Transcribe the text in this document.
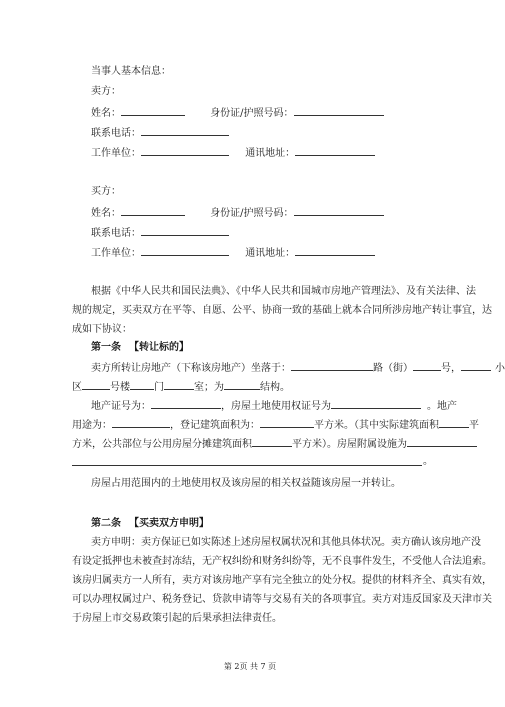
当事人基本信息：
卖方：
姓名：	身份证/护照号码：
联系电话：
工作单位：	通讯地址：
买方：
姓名：	身份证/护照号码：
联系电话：
工作单位：	通讯地址：
根据《中华人民共和国民法典》、《中华人民共和国城市房地产管理法》、及有关法律、法
规的规定，买卖双方在平等、自愿、公平、协商一致的基础上就本合同所涉房地产转让事宜，达
成如下协议：
第一条 【转让标的】
卖方所转让房地产（下称该房地产）坐落于：	路（街）	号，	小
区	号楼 门	室；为	结构。
地产证号为：	，房屋土地使用权证号为	。地产
用途为：	，登记建筑面积为：	平方米。（其中实际建筑面积	平
方米，公共部位与公用房屋分摊建筑面积	平方米）。房屋附属设施为
。
房屋占用范围内的土地使用权及该房屋的相关权益随该房屋一并转让。
第二条 【买卖双方申明】
卖方申明：卖方保证已如实陈述上述房屋权属状况和其他具体状况。卖方确认该房地产没
有设定抵押也未被查封冻结，无产权纠纷和财务纠纷等，无不良事件发生，不受他人合法追索。
该房归属卖方一人所有，卖方对该房地产享有完全独立的处分权。提供的材料齐全、真实有效，
可以办理权属过户、税务登记、贷款申请等与交易有关的各项事宜。卖方对违反国家及天津市关
于房屋上市交易政策引起的后果承担法律责任。
第 2页 共 7 页
